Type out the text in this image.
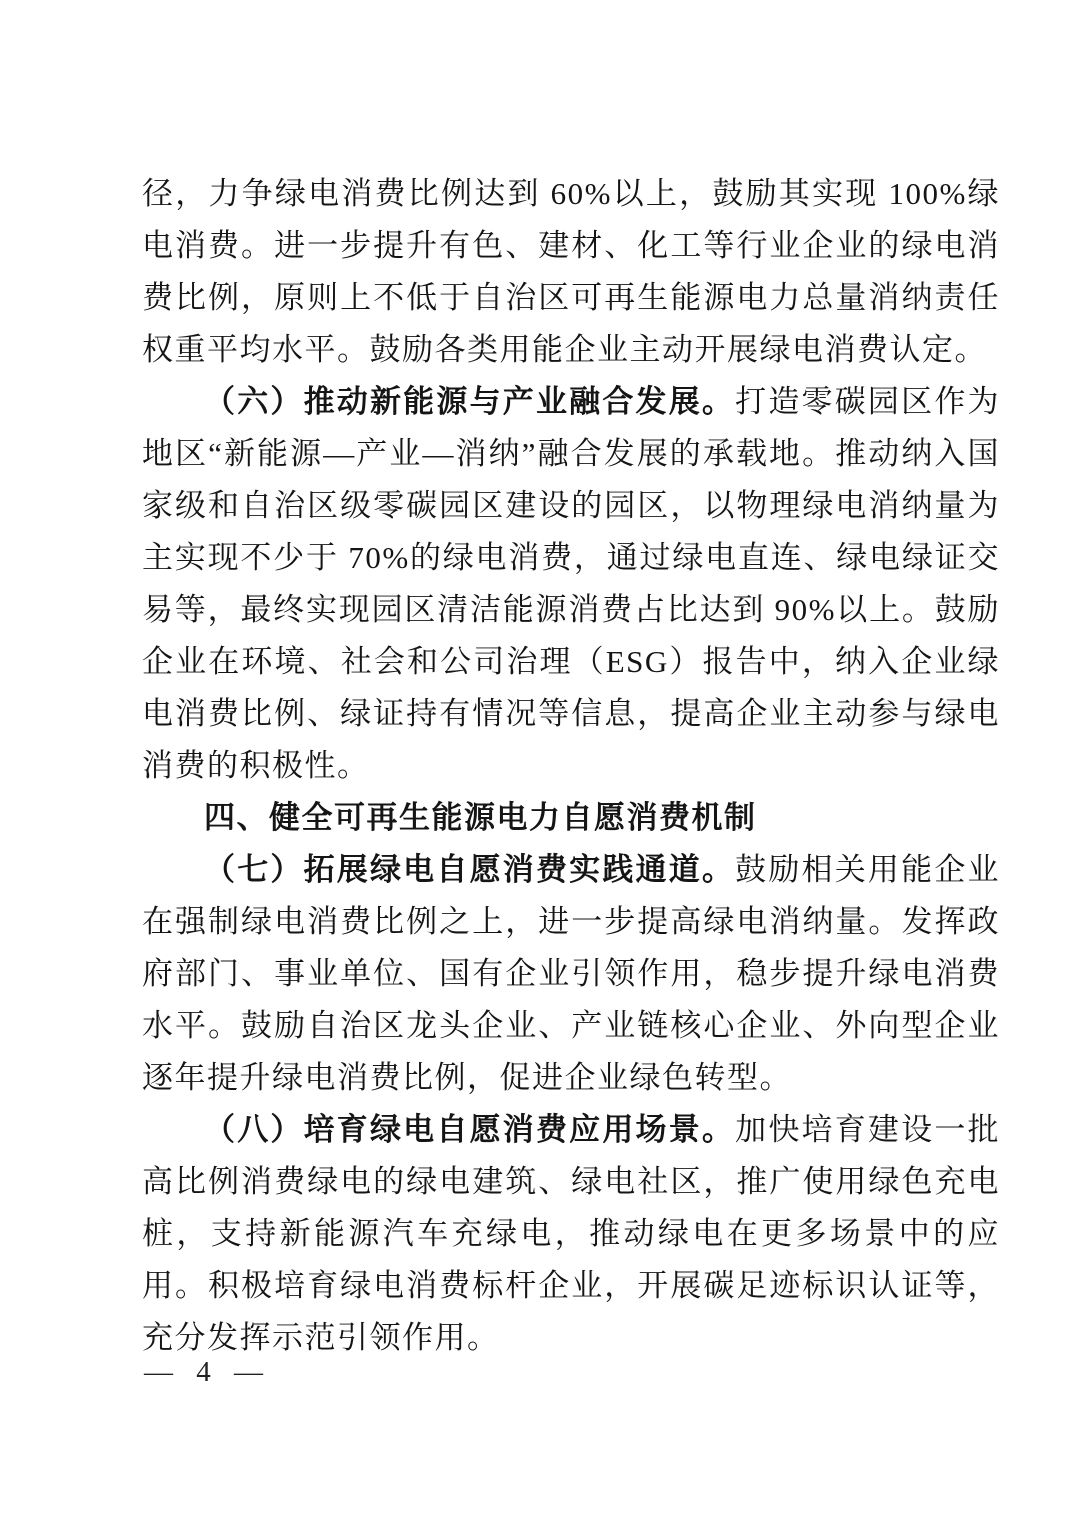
径，力争绿电消费比例达到 60%以上，鼓励其实现 100%绿电消费。进一步提升有色、建材、化工等行业企业的绿电消费比例，原则上不低于自治区可再生能源电力总量消纳责任权重平均水平。鼓励各类用能企业主动开展绿电消费认定。

（六）推动新能源与产业融合发展。打造零碳园区作为地区“新能源—产业—消纳”融合发展的承载地。推动纳入国家级和自治区级零碳园区建设的园区，以物理绿电消纳量为主实现不少于 70%的绿电消费，通过绿电直连、绿电绿证交易等，最终实现园区清洁能源消费占比达到 90%以上。鼓励企业在环境、社会和公司治理（ESG）报告中，纳入企业绿电消费比例、绿证持有情况等信息，提高企业主动参与绿电消费的积极性。

四、健全可再生能源电力自愿消费机制

（七）拓展绿电自愿消费实践通道。鼓励相关用能企业在强制绿电消费比例之上，进一步提高绿电消纳量。发挥政府部门、事业单位、国有企业引领作用，稳步提升绿电消费水平。鼓励自治区龙头企业、产业链核心企业、外向型企业逐年提升绿电消费比例，促进企业绿色转型。

（八）培育绿电自愿消费应用场景。加快培育建设一批高比例消费绿电的绿电建筑、绿电社区，推广使用绿色充电桩，支持新能源汽车充绿电，推动绿电在更多场景中的应用。积极培育绿电消费标杆企业，开展碳足迹标识认证等，充分发挥示范引领作用。

— 4 —
